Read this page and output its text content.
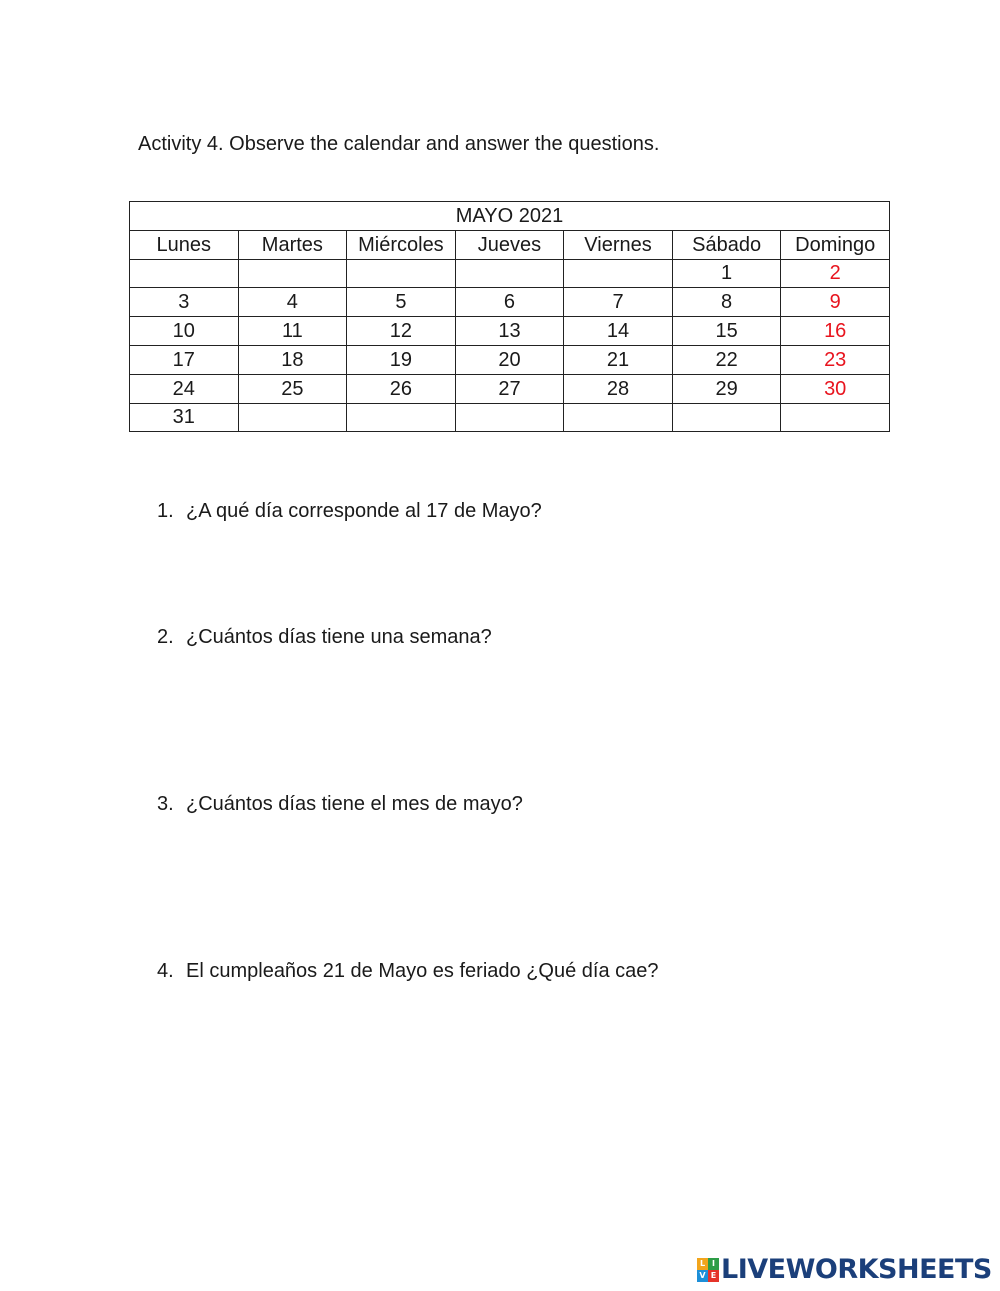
Activity 4. Observe the calendar and answer the questions.
MAYO 2021						
Lunes	Martes	Miércoles	Jueves	Viernes	Sábado	Domingo
					1	2
3	4	5	6	7	8	9
10	11	12	13	14	15	16
17	18	19	20	21	22	23
24	25	26	27	28	29	30
31						
1. ¿A qué día corresponde al 17 de Mayo?
2. ¿Cuántos días tiene una semana?
3. ¿Cuántos días tiene el mes de mayo?
4. El cumpleaños 21 de Mayo es feriado ¿Qué día cae?
L I
V E LIVEWORKSHEETS
